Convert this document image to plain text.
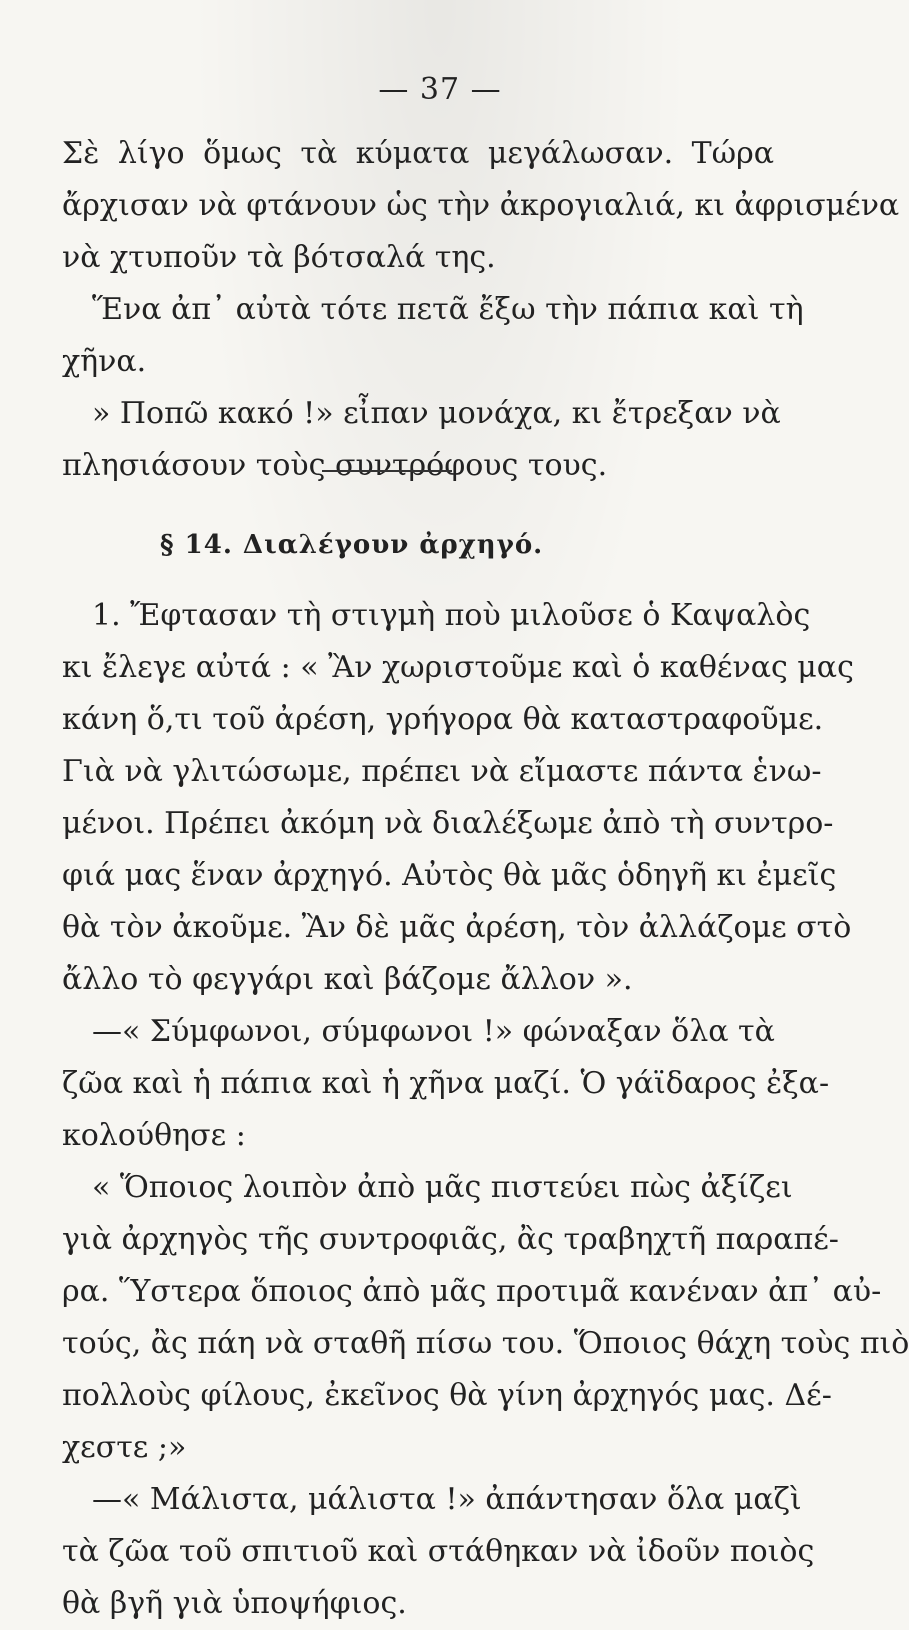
— 37 —
Σὲ λίγο ὅμως τὰ κύματα μεγάλωσαν. Τώρα
ἄρχισαν νὰ φτάνουν ὡς τὴν ἀκρογιαλιά, κι ἀφρισμένα
νὰ χτυποῦν τὰ βότσαλά της.
Ἕνα ἀπ᾽ αὐτὰ τότε πετᾶ ἔξω τὴν πάπια καὶ τὴ
χῆνα.
» Ποπῶ κακό !» εἶπαν μονάχα, κι ἔτρεξαν νὰ
πλησιάσουν τοὺς συντρόφους τους.
§ 14. Διαλέγουν ἀρχηγό.
1. Ἔφτασαν τὴ στιγμὴ ποὺ μιλοῦσε ὁ Καψαλὸς
κι ἔλεγε αὐτά : « Ἂν χωριστοῦμε καὶ ὁ καθένας μας
κάνη ὅ,τι τοῦ ἀρέση, γρήγορα θὰ καταστραφοῦμε.
Γιὰ νὰ γλιτώσωμε, πρέπει νὰ εἴμαστε πάντα ἑνω-
μένοι. Πρέπει ἀκόμη νὰ διαλέξωμε ἀπὸ τὴ συντρο-
φιά μας ἕναν ἀρχηγό. Αὐτὸς θὰ μᾶς ὁδηγῆ κι ἐμεῖς
θὰ τὸν ἀκοῦμε. Ἂν δὲ μᾶς ἀρέση, τὸν ἀλλάζομε στὸ
ἄλλο τὸ φεγγάρι καὶ βάζομε ἄλλον ».
—« Σύμφωνοι, σύμφωνοι !» φώναξαν ὅλα τὰ
ζῶα καὶ ἡ πάπια καὶ ἡ χῆνα μαζί. Ὁ γάϊδαρος ἐξα-
κολούθησε :
« Ὅποιος λοιπὸν ἀπὸ μᾶς πιστεύει πὼς ἀξίζει
γιὰ ἀρχηγὸς τῆς συντροφιᾶς, ἂς τραβηχτῆ παραπέ-
ρα. Ὕστερα ὅποιος ἀπὸ μᾶς προτιμᾶ κανέναν ἀπ᾽ αὐ-
τούς, ἂς πάη νὰ σταθῆ πίσω του. Ὅποιος θάχη τοὺς πιὸ
πολλοὺς φίλους, ἐκεῖνος θὰ γίνη ἀρχηγός μας. Δέ-
χεστε ;»
—« Μάλιστα, μάλιστα !» ἀπάντησαν ὅλα μαζὶ
τὰ ζῶα τοῦ σπιτιοῦ καὶ στάθηκαν νὰ ἰδοῦν ποιὸς
θὰ βγῆ γιὰ ὑποψήφιος.
